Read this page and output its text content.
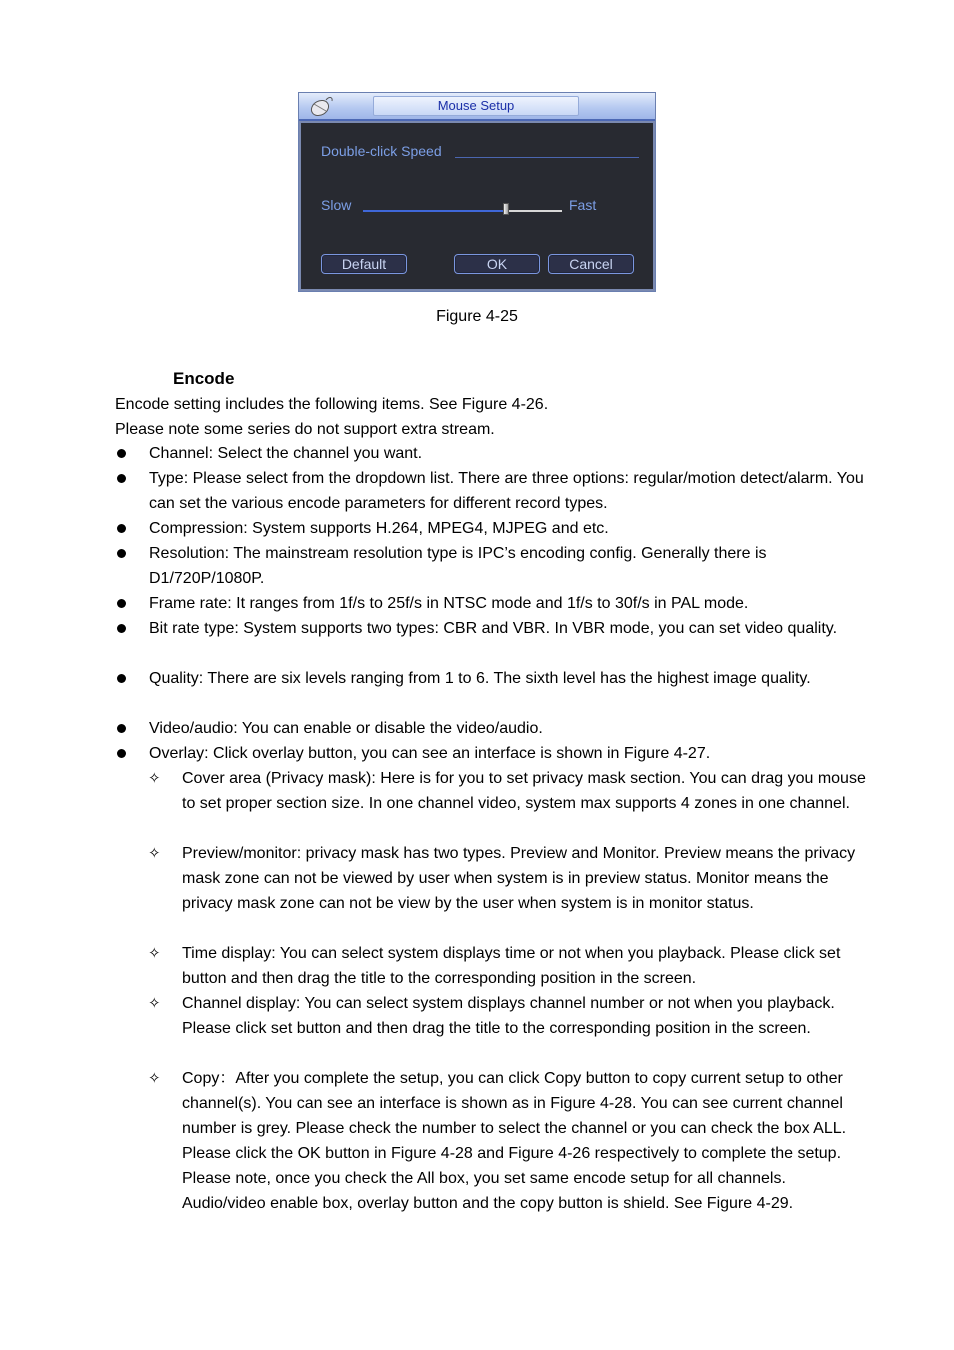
Mouse Setup
Double-click Speed
Slow	Fast
Default	OK	Cancel
Figure 4-25
Encode
Encode setting includes the following items. See Figure 4-26.
Please note some series do not support extra stream.
Channel: Select the channel you want.
Type: Please select from the dropdown list. There are three options: regular/motion detect/alarm. You can set the various encode parameters for different record types.
Compression: System supports H.264, MPEG4, MJPEG and etc.
Resolution: The mainstream resolution type is IPC’s encoding config. Generally there is D1/720P/1080P.
Frame rate: It ranges from 1f/s to 25f/s in NTSC mode and 1f/s to 30f/s in PAL mode.
Bit rate type: System supports two types: CBR and VBR. In VBR mode, you can set video quality.
Quality: There are six levels ranging from 1 to 6. The sixth level has the highest image quality.
Video/audio: You can enable or disable the video/audio.
Overlay: Click overlay button, you can see an interface is shown in Figure 4-27.
✧ Cover area (Privacy mask): Here is for you to set privacy mask section. You can drag you mouse to set proper section size. In one channel video, system max supports 4 zones in one channel.
✧ Preview/monitor: privacy mask has two types. Preview and Monitor. Preview means the privacy mask zone can not be viewed by user when system is in preview status. Monitor means the privacy mask zone can not be view by the user when system is in monitor status.
✧ Time display: You can select system displays time or not when you playback. Please click set button and then drag the title to the corresponding position in the screen.
✧ Channel display: You can select system displays channel number or not when you playback. Please click set button and then drag the title to the corresponding position in the screen.
✧ Copy：After you complete the setup, you can click Copy button to copy current setup to other channel(s). You can see an interface is shown as in Figure 4-28. You can see current channel number is grey. Please check the number to select the channel or you can check the box ALL. Please click the OK button in Figure 4-28 and Figure 4-26 respectively to complete the setup. Please note, once you check the All box, you set same encode setup for all channels. Audio/video enable box, overlay button and the copy button is shield. See Figure 4-29.
